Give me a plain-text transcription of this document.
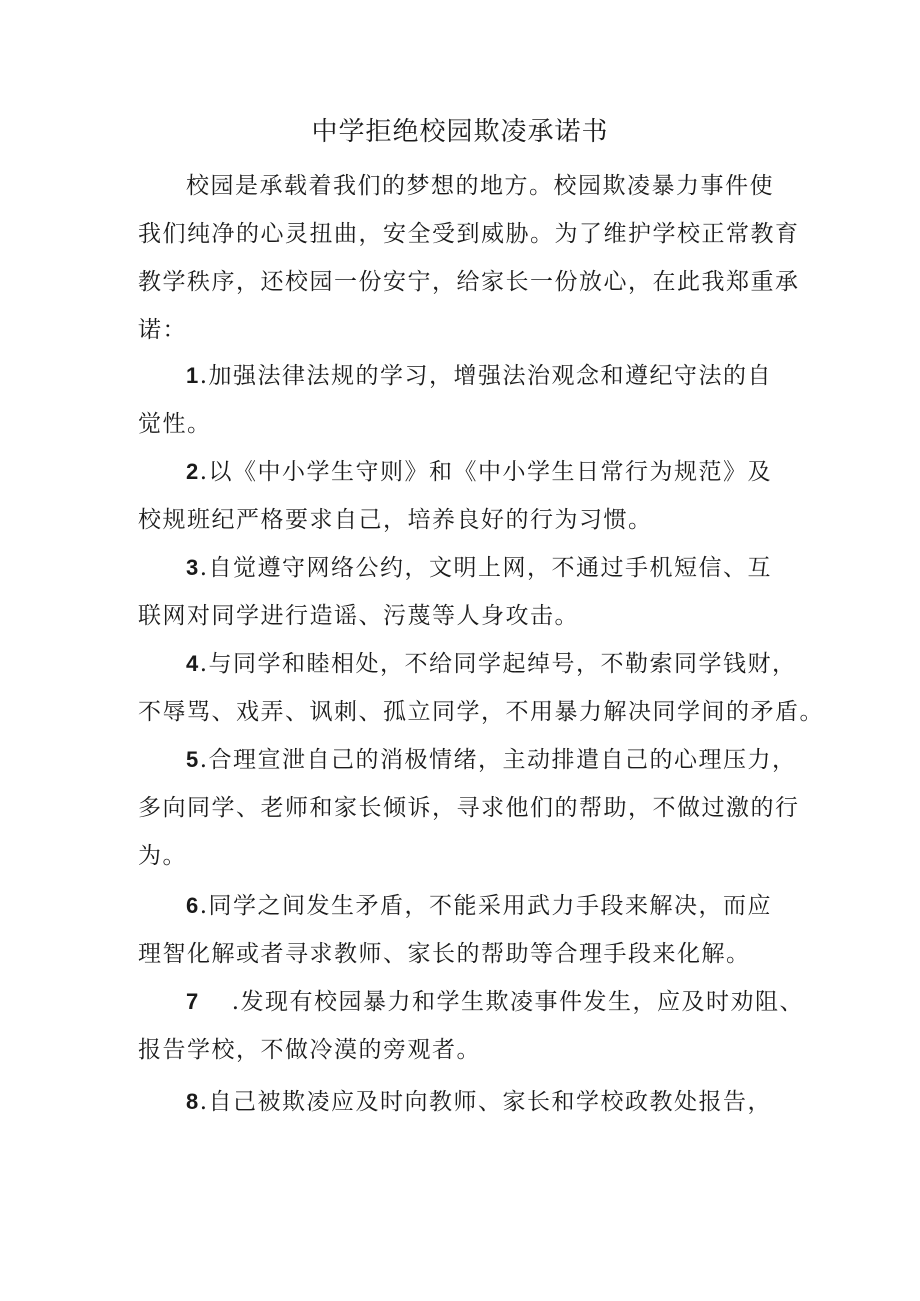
中学拒绝校园欺凌承诺书
校园是承载着我们的梦想的地方。校园欺凌暴力事件使
我们纯净的心灵扭曲，安全受到威胁。为了维护学校正常教育
教学秩序，还校园一份安宁，给家长一份放心，在此我郑重承
诺：
1.加强法律法规的学习，增强法治观念和遵纪守法的自
觉性。
2.以《中小学生守则》和《中小学生日常行为规范》及
校规班纪严格要求自己，培养良好的行为习惯。
3.自觉遵守网络公约，文明上网，不通过手机短信、互
联网对同学进行造谣、污蔑等人身攻击。
4.与同学和睦相处，不给同学起绰号，不勒索同学钱财，
不辱骂、戏弄、讽刺、孤立同学，不用暴力解决同学间的矛盾。
5.合理宣泄自己的消极情绪，主动排遣自己的心理压力，
多向同学、老师和家长倾诉，寻求他们的帮助，不做过激的行
为。
6.同学之间发生矛盾，不能采用武力手段来解决，而应
理智化解或者寻求教师、家长的帮助等合理手段来化解。
7 .发现有校园暴力和学生欺凌事件发生，应及时劝阻、
报告学校，不做冷漠的旁观者。
8.自己被欺凌应及时向教师、家长和学校政教处报告，
